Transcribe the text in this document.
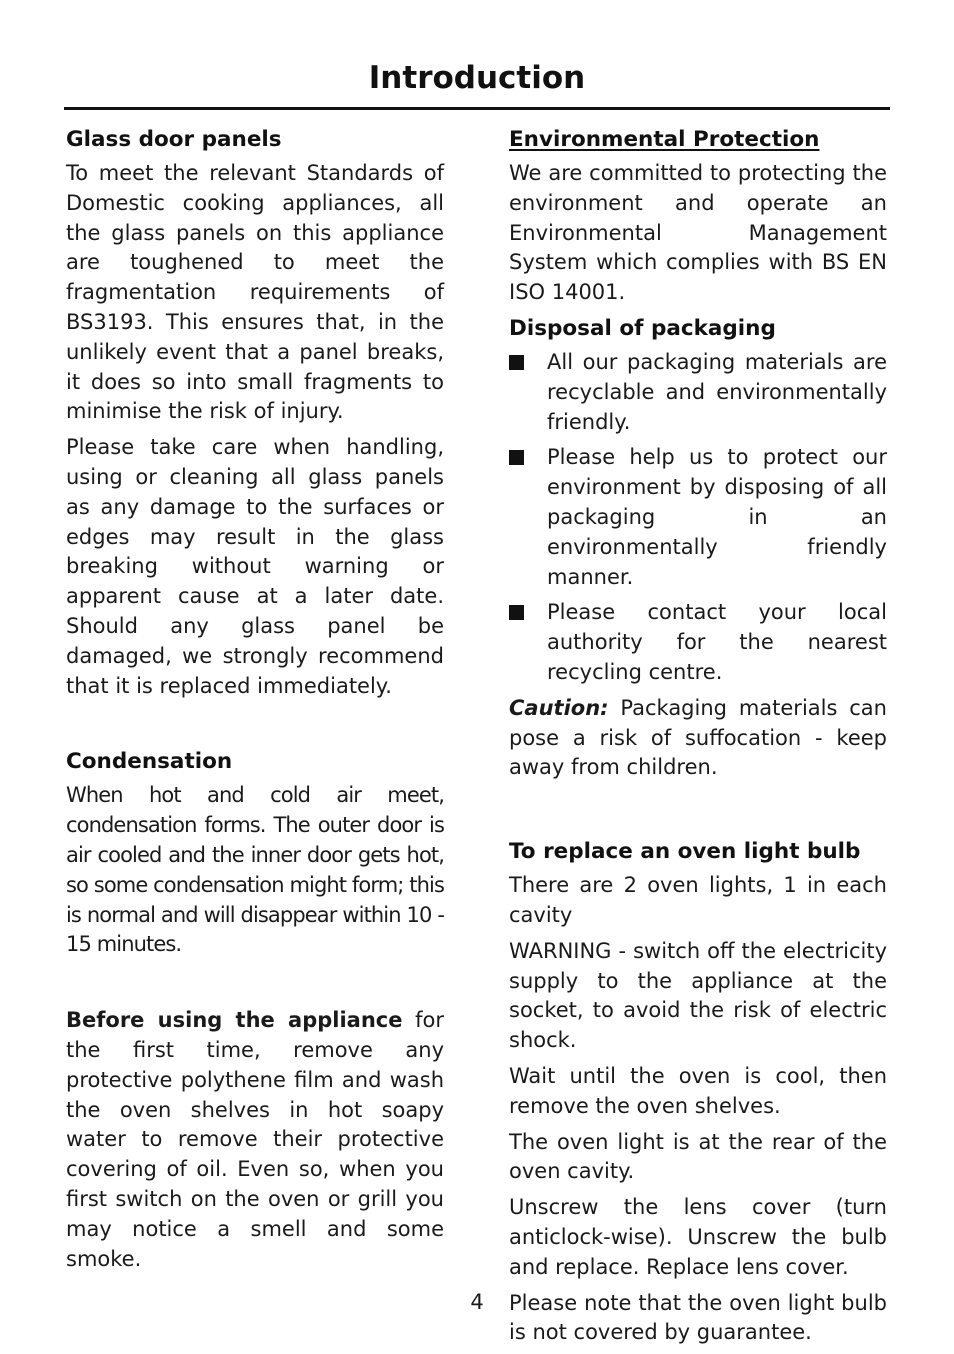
Introduction
Glass door panels

To meet the relevant Standards of Domestic cooking appliances, all the glass panels on this appliance are toughened to meet the fragmentation requirements of BS3193. This ensures that, in the unlikely event that a panel breaks, it does so into small fragments to minimise the risk of injury.

Please take care when handling, using or cleaning all glass panels as any damage to the surfaces or edges may result in the glass breaking without warning or apparent cause at a later date. Should any glass panel be damaged, we strongly recommend that it is replaced immediately.

Condensation

When hot and cold air meet, condensation forms. The outer door is air cooled and the inner door gets hot, so some condensation might form; this is normal and will disappear within 10 - 15 minutes.

Before using the appliance for the first time, remove any protective polythene film and wash the oven shelves in hot soapy water to remove their protective covering of oil. Even so, when you first switch on the oven or grill you may notice a smell and some smoke.

Environmental Protection

We are committed to protecting the environment and operate an Environmental Management System which complies with BS EN ISO 14001.

Disposal of packaging

All our packaging materials are recyclable and environmentally friendly.

Please help us to protect our environment by disposing of all packaging in an environmentally friendly manner.

Please contact your local authority for the nearest recycling centre.

Caution: Packaging materials can pose a risk of suffocation - keep away from children.

To replace an oven light bulb

There are 2 oven lights, 1 in each cavity

WARNING - switch off the electricity supply to the appliance at the socket, to avoid the risk of electric shock.

Wait until the oven is cool, then remove the oven shelves.

The oven light is at the rear of the oven cavity.

Unscrew the lens cover (turn anticlock-wise). Unscrew the bulb and replace. Replace lens cover.

Please note that the oven light bulb is not covered by guarantee.

4
